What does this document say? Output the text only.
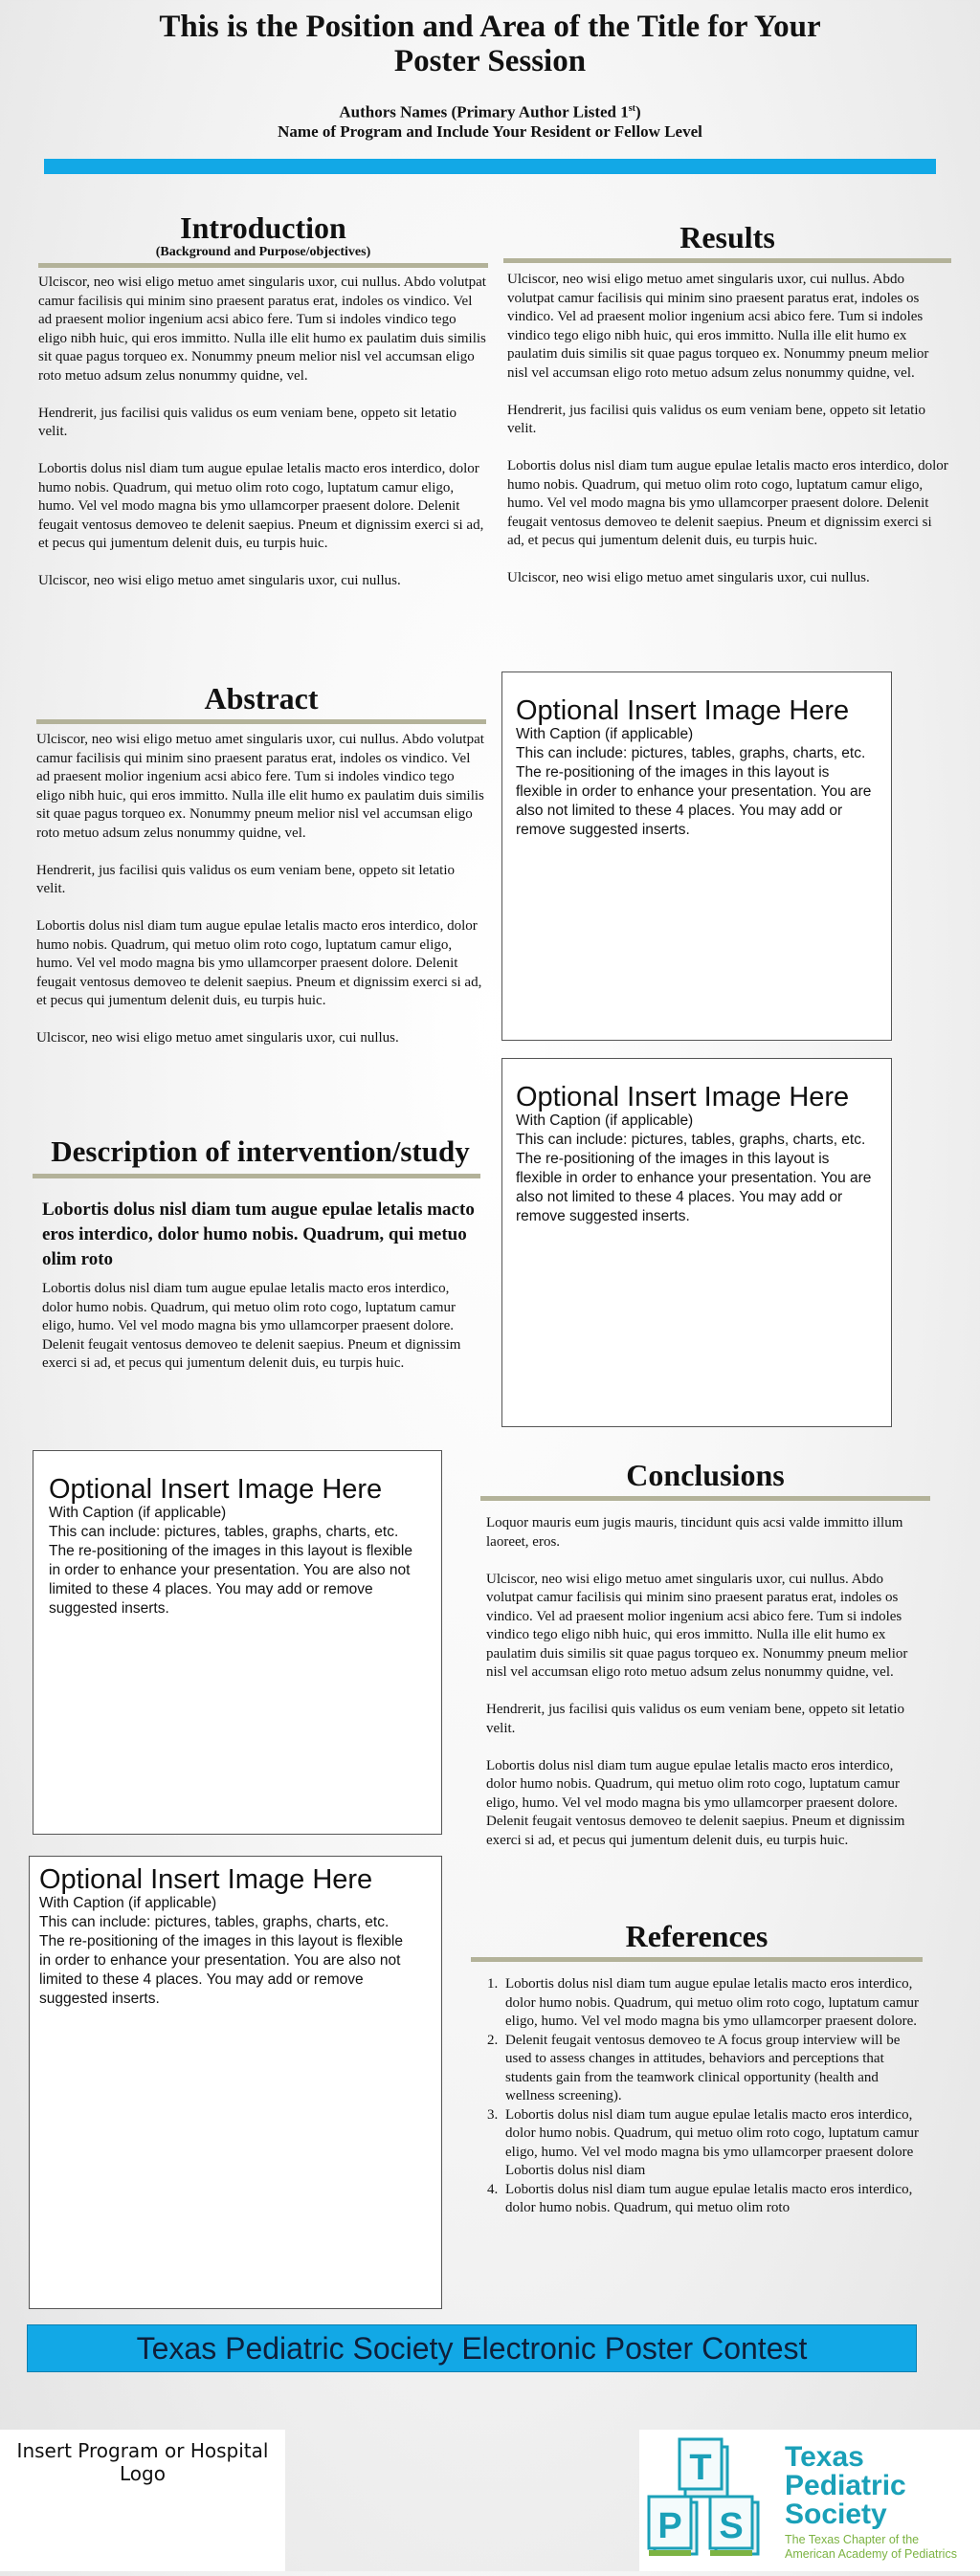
This is the Position and Area of the Title for Your
Poster Session
Authors Names (Primary Author Listed 1st)
Name of Program and Include Your Resident or Fellow Level
Introduction
(Background and Purpose/objectives)

Ulciscor, neo wisi eligo metuo amet singularis uxor, cui nullus. Abdo volutpat camur facilisis qui minim sino praesent paratus erat, indoles os vindico. Vel ad praesent molior ingenium acsi abico fere. Tum si indoles vindico tego eligo nibh huic, qui eros immitto. Nulla ille elit humo ex paulatim duis similis sit quae pagus torqueo ex. Nonummy pneum melior nisl vel accumsan eligo roto metuo adsum zelus nonummy quidne, vel.

Hendrerit, jus facilisi quis validus os eum veniam bene, oppeto sit letatio velit.

Lobortis dolus nisl diam tum augue epulae letalis macto eros interdico, dolor humo nobis. Quadrum, qui metuo olim roto cogo, luptatum camur eligo, humo. Vel vel modo magna bis ymo ullamcorper praesent dolore. Delenit feugait ventosus demoveo te delenit saepius. Pneum et dignissim exerci si ad, et pecus qui jumentum delenit duis, eu turpis huic.

Ulciscor, neo wisi eligo metuo amet singularis uxor, cui nullus.

Results

Ulciscor, neo wisi eligo metuo amet singularis uxor, cui nullus. Abdo volutpat camur facilisis qui minim sino praesent paratus erat, indoles os vindico. Vel ad praesent molior ingenium acsi abico fere. Tum si indoles vindico tego eligo nibh huic, qui eros immitto. Nulla ille elit humo ex paulatim duis similis sit quae pagus torqueo ex. Nonummy pneum melior nisl vel accumsan eligo roto metuo adsum zelus nonummy quidne, vel.

Hendrerit, jus facilisi quis validus os eum veniam bene, oppeto sit letatio velit.

Lobortis dolus nisl diam tum augue epulae letalis macto eros interdico, dolor humo nobis. Quadrum, qui metuo olim roto cogo, luptatum camur eligo, humo. Vel vel modo magna bis ymo ullamcorper praesent dolore. Delenit feugait ventosus demoveo te delenit saepius. Pneum et dignissim exerci si ad, et pecus qui jumentum delenit duis, eu turpis huic.

Ulciscor, neo wisi eligo metuo amet singularis uxor, cui nullus.

Abstract

Ulciscor, neo wisi eligo metuo amet singularis uxor, cui nullus. Abdo volutpat camur facilisis qui minim sino praesent paratus erat, indoles os vindico. Vel ad praesent molior ingenium acsi abico fere. Tum si indoles vindico tego eligo nibh huic, qui eros immitto. Nulla ille elit humo ex paulatim duis similis sit quae pagus torqueo ex. Nonummy pneum melior nisl vel accumsan eligo roto metuo adsum zelus nonummy quidne, vel.

Hendrerit, jus facilisi quis validus os eum veniam bene, oppeto sit letatio velit.

Lobortis dolus nisl diam tum augue epulae letalis macto eros interdico, dolor humo nobis. Quadrum, qui metuo olim roto cogo, luptatum camur eligo, humo. Vel vel modo magna bis ymo ullamcorper praesent dolore. Delenit feugait ventosus demoveo te delenit saepius. Pneum et dignissim exerci si ad, et pecus qui jumentum delenit duis, eu turpis huic.

Ulciscor, neo wisi eligo metuo amet singularis uxor, cui nullus.

Description of intervention/study
Lobortis dolus nisl diam tum augue epulae letalis macto eros interdico, dolor humo nobis. Quadrum, qui metuo olim roto
Lobortis dolus nisl diam tum augue epulae letalis macto eros interdico, dolor humo nobis. Quadrum, qui metuo olim roto cogo, luptatum camur eligo, humo. Vel vel modo magna bis ymo ullamcorper praesent dolore. Delenit feugait ventosus demoveo te delenit saepius. Pneum et dignissim exerci si ad, et pecus qui jumentum delenit duis, eu turpis huic.
Optional Insert Image Here
With Caption (if applicable)
This can include: pictures, tables, graphs, charts, etc. The re-positioning of the images in this layout is flexible in order to enhance your presentation. You are also not limited to these 4 places. You may add or remove suggested inserts.
Optional Insert Image Here
With Caption (if applicable)
This can include: pictures, tables, graphs, charts, etc. The re-positioning of the images in this layout is flexible in order to enhance your presentation. You are also not limited to these 4 places. You may add or remove suggested inserts.
Optional Insert Image Here
With Caption (if applicable)
This can include: pictures, tables, graphs, charts, etc. The re-positioning of the images in this layout is flexible in order to enhance your presentation. You are also not limited to these 4 places. You may add or remove suggested inserts.
Optional Insert Image Here
With Caption (if applicable)
This can include: pictures, tables, graphs, charts, etc. The re-positioning of the images in this layout is flexible in order to enhance your presentation. You are also not limited to these 4 places. You may add or remove suggested inserts.
Conclusions

Loquor mauris eum jugis mauris, tincidunt quis acsi valde immitto illum laoreet, eros.

Ulciscor, neo wisi eligo metuo amet singularis uxor, cui nullus. Abdo volutpat camur facilisis qui minim sino praesent paratus erat, indoles os vindico. Vel ad praesent molior ingenium acsi abico fere. Tum si indoles vindico tego eligo nibh huic, qui eros immitto. Nulla ille elit humo ex paulatim duis similis sit quae pagus torqueo ex. Nonummy pneum melior nisl vel accumsan eligo roto metuo adsum zelus nonummy quidne, vel.

Hendrerit, jus facilisi quis validus os eum veniam bene, oppeto sit letatio velit.

Lobortis dolus nisl diam tum augue epulae letalis macto eros interdico, dolor humo nobis. Quadrum, qui metuo olim roto cogo, luptatum camur eligo, humo. Vel vel modo magna bis ymo ullamcorper praesent dolore. Delenit feugait ventosus demoveo te delenit saepius. Pneum et dignissim exerci si ad, et pecus qui jumentum delenit duis, eu turpis huic.

References
1. Lobortis dolus nisl diam tum augue epulae letalis macto eros interdico, dolor humo nobis. Quadrum, qui metuo olim roto cogo, luptatum camur eligo, humo. Vel vel modo magna bis ymo ullamcorper praesent dolore.
2. Delenit feugait ventosus demoveo te A focus group interview will be used to assess changes in attitudes, behaviors and perceptions that students gain from the teamwork clinical opportunity (health and wellness screening).
3. Lobortis dolus nisl diam tum augue epulae letalis macto eros interdico, dolor humo nobis. Quadrum, qui metuo olim roto cogo, luptatum camur eligo, humo. Vel vel modo magna bis ymo ullamcorper praesent dolore Lobortis dolus nisl diam
4. Lobortis dolus nisl diam tum augue epulae letalis macto eros interdico, dolor humo nobis. Quadrum, qui metuo olim roto
Texas Pediatric Society Electronic Poster Contest
Insert Program or Hospital Logo	T
P S
Texas
Pediatric
Society
The Texas Chapter of the
American Academy of Pediatrics
